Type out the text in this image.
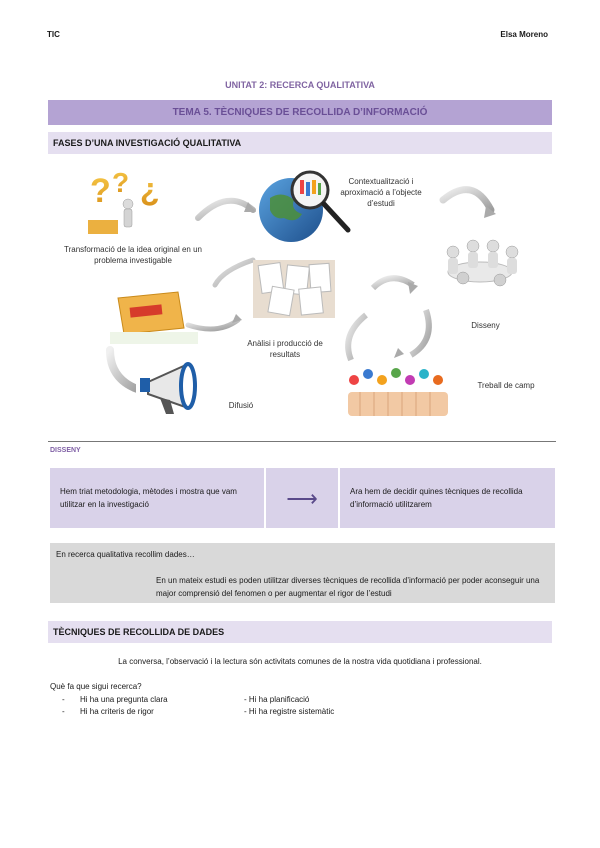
TIC	Elsa Moreno
UNITAT 2: RECERCA QUALITATIVA
TEMA 5. TÈCNIQUES DE RECOLLIDA D’INFORMACIÓ
FASES D’UNA INVESTIGACIÓ QUALITATIVA
? ? ¿
Transformació de la idea original en un problema investigable
Contextualització i aproximació a l’objecte d’estudi
Disseny
Treball de camp
Anàlisi i producció de resultats
Difusió
DISSENY
Hem triat metodologia, mètodes i mostra que vam utilitzar en la investigació	⟶	Ara hem de decidir quines tècniques de recollida d’informació utilitzarem
En recerca qualitativa recollim dades…
En un mateix estudi es poden utilitzar diverses tècniques de recollida d’informació per poder aconseguir una major comprensió del fenomen o per augmentar el rigor de l’estudi
TÈCNIQUES DE RECOLLIDA DE DADES
La conversa, l’observació i la lectura són activitats comunes de la nostra vida quotidiana i professional.
Què fa que sigui recerca?
- Hi ha una pregunta clara
- Hi ha criteris de rigor
- Hi ha planificació
- Hi ha registre sistemàtic
